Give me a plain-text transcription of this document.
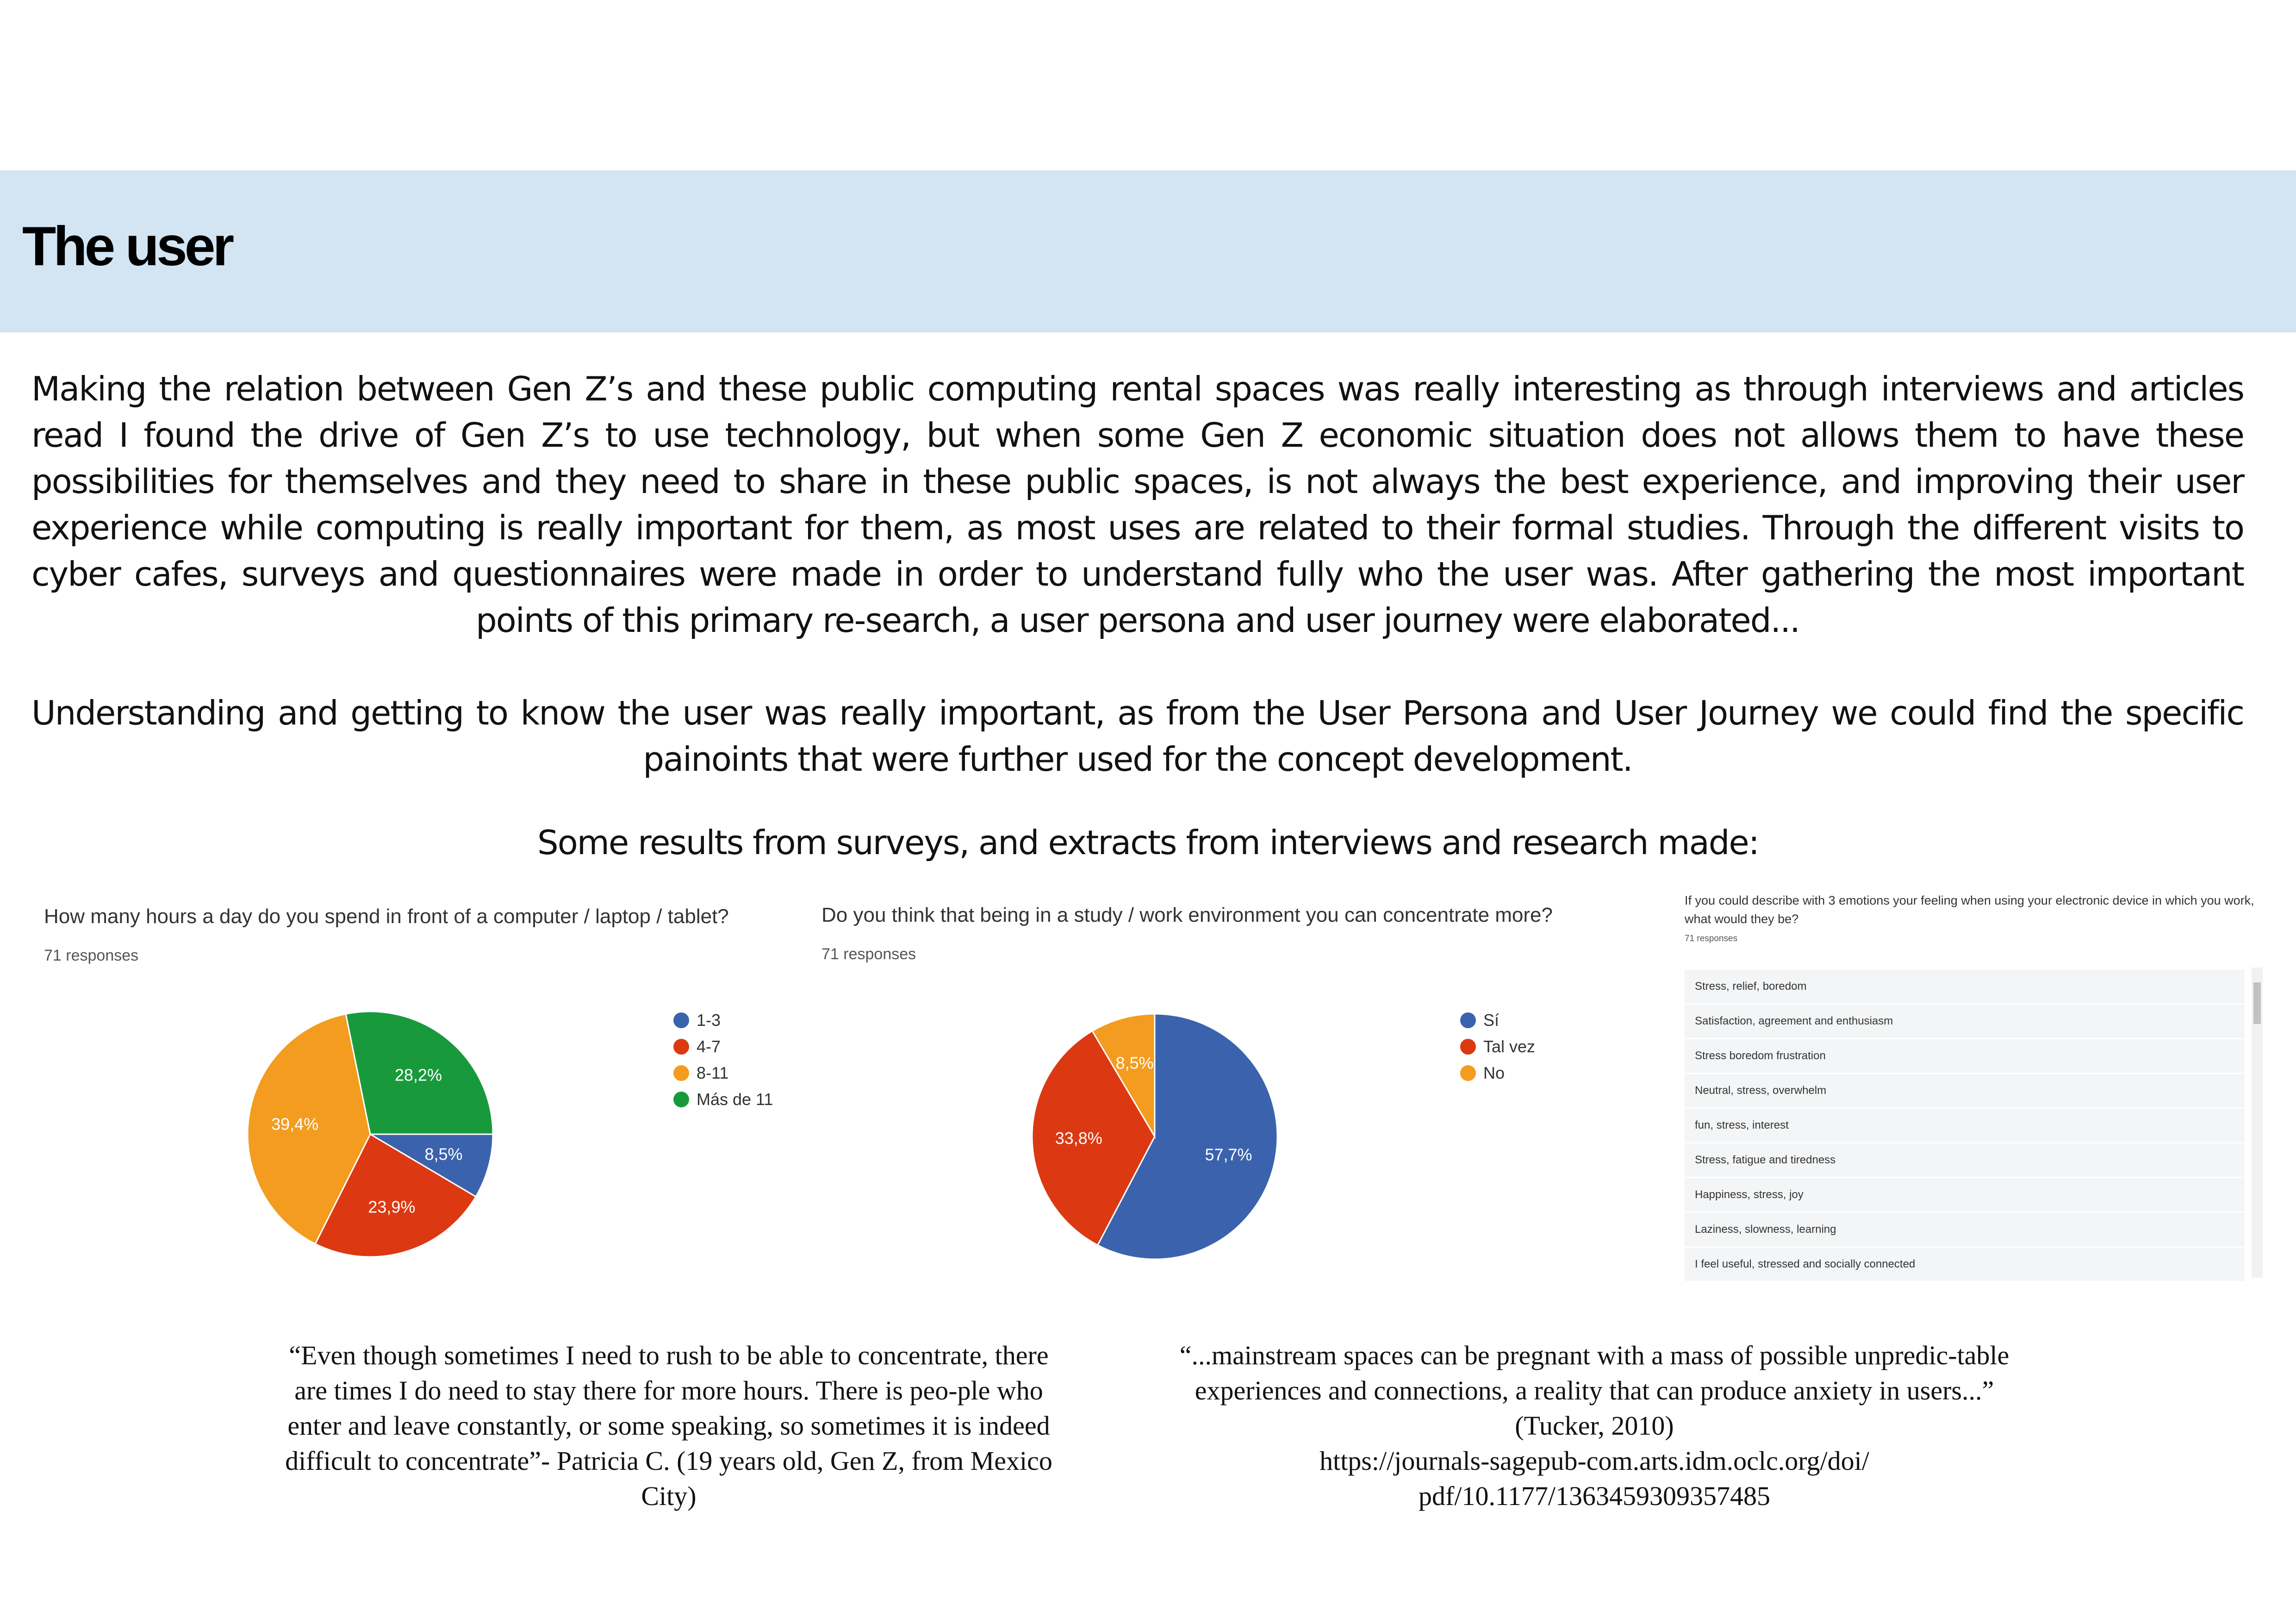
The user

Making the relation between Gen Z’s and these public computing rental spaces was really interesting as through interviews and articles read I found the drive of Gen Z’s to use technology, but when some Gen Z economic situation does not allows them to have these possibilities for themselves and they need to share in these public spaces, is not always the best experience, and improving their user experience while computing is really important for them, as most uses are related to their formal studies. Through the different visits to cyber cafes, surveys and questionnaires were made in order to understand fully who the user was. After gathering the most important points of this primary re-search, a user persona and user journey were elaborated...

Understanding and getting to know the user was really important, as from the User Persona and User Journey we could find the specific painoints that were further used for the concept development.

Some results from surveys, and extracts from interviews and research made:

How many hours a day do you spend in front of a computer / laptop / tablet?

71 responses
8,5%
23,9%
39,4%
28,2%
1-3
4-7
8-11
Más de 11

Do you think that being in a study / work environment you can concentrate more?

71 responses
57,7%
33,8%
8,5%
Sí
Tal vez
No

If you could describe with 3 emotions your feeling when using your electronic device in which you work, what would they be?

71 responses
Stress, relief, boredom
Satisfaction, agreement and enthusiasm
Stress boredom frustration
Neutral, stress, overwhelm
fun, stress, interest
Stress, fatigue and tiredness
Happiness, stress, joy
Laziness, slowness, learning
I feel useful, stressed and socially connected

“Even though sometimes I need to rush to be able to concentrate, there are times I do need to stay there for more hours. There is peo-ple who enter and leave constantly, or some speaking, so sometimes it is indeed difficult to concentrate”- Patricia C. (19 years old, Gen Z, from Mexico City)

“...mainstream spaces can be pregnant with a mass of possible unpredic-table experiences and connections, a reality that can produce anxiety in users...” (Tucker, 2010)
https://journals-sagepub-com.arts.idm.oclc.org/doi/
pdf/10.1177/1363459309357485
